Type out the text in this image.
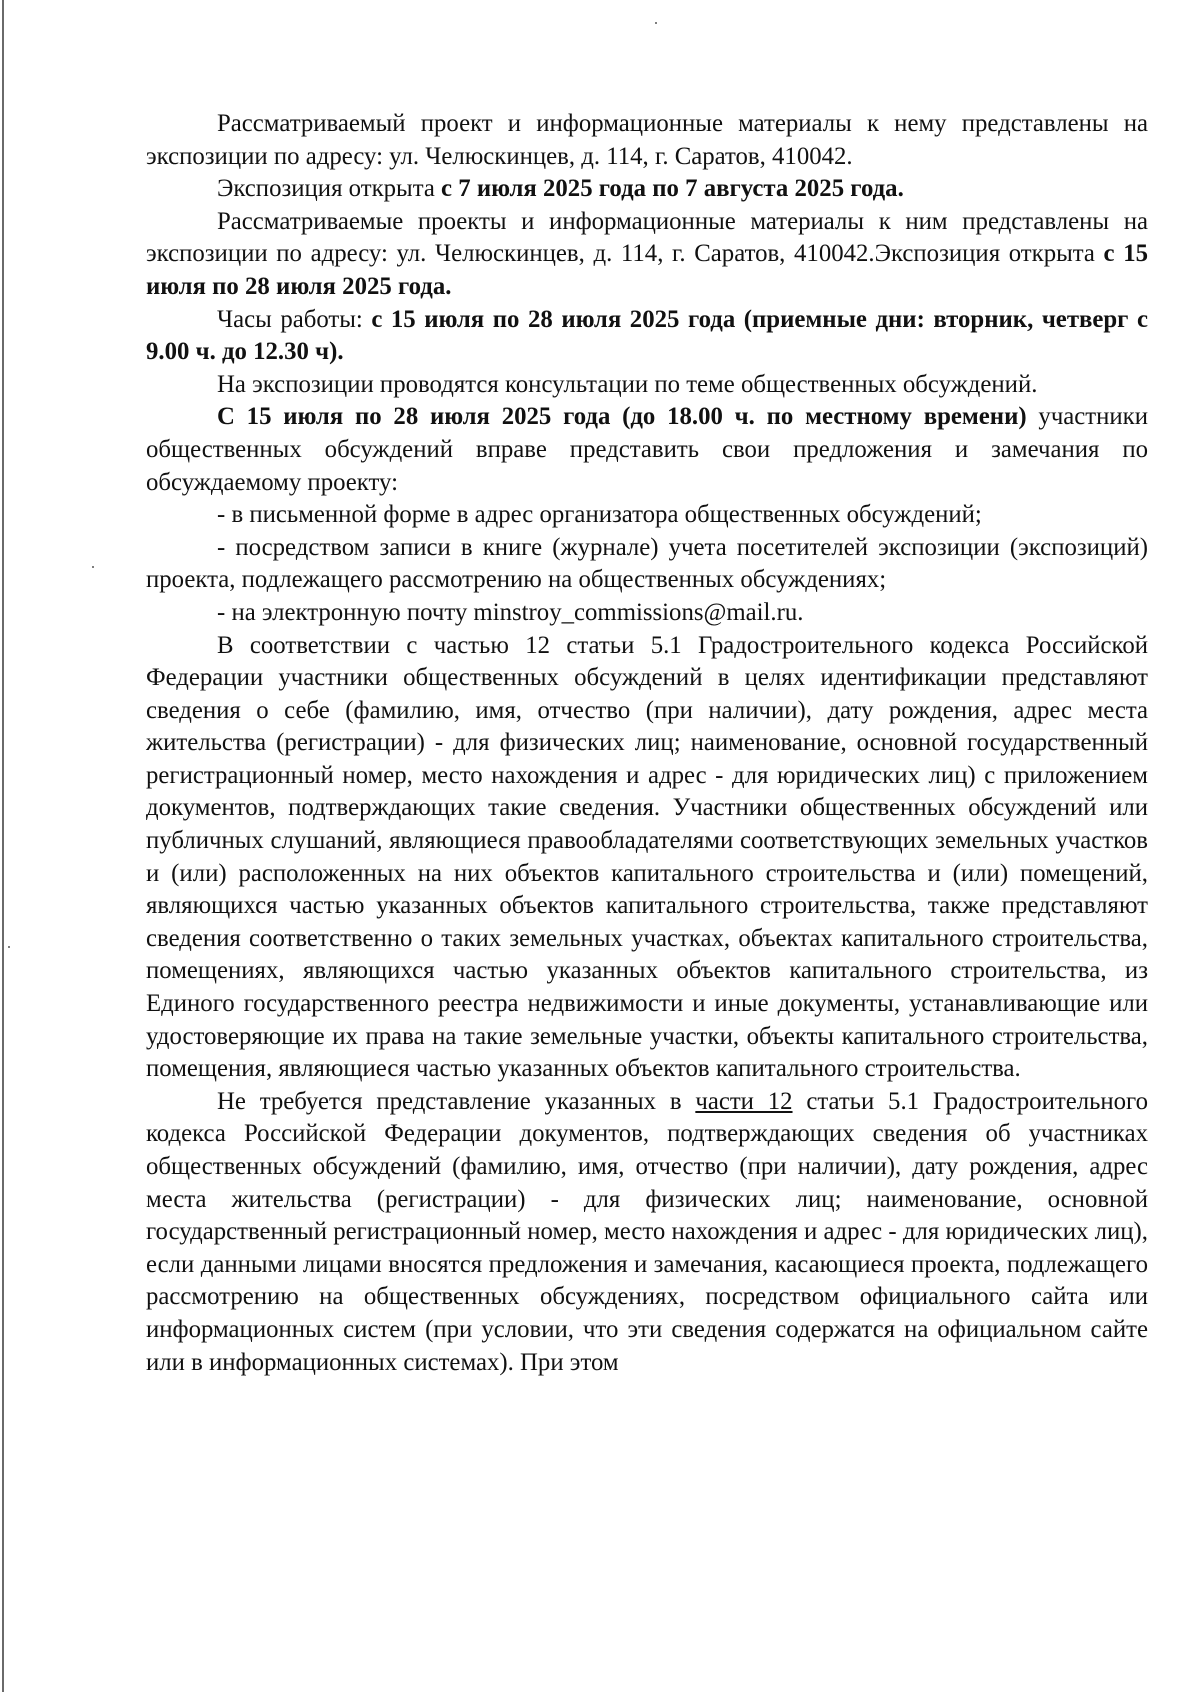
Рассматриваемый проект и информационные материалы к нему представлены на экспозиции по адресу: ул. Челюскинцев, д. 114, г. Саратов, 410042.

Экспозиция открыта с 7 июля 2025 года по 7 августа 2025 года.

Рассматриваемые проекты и информационные материалы к ним представлены на экспозиции по адресу: ул. Челюскинцев, д. 114, г. Саратов, 410042.Экспозиция открыта с 15 июля по 28 июля 2025 года.

Часы работы: с 15 июля по 28 июля 2025 года (приемные дни: вторник, четверг с 9.00 ч. до 12.30 ч).

На экспозиции проводятся консультации по теме общественных обсуждений.

С 15 июля по 28 июля 2025 года (до 18.00 ч. по местному времени) участники общественных обсуждений вправе представить свои предложения и замечания по обсуждаемому проекту:

- в письменной форме в адрес организатора общественных обсуждений;

- посредством записи в книге (журнале) учета посетителей экспозиции (экспозиций) проекта, подлежащего рассмотрению на общественных обсуждениях;

- на электронную почту minstroy_commissions@mail.ru.

В соответствии с частью 12 статьи 5.1 Градостроительного кодекса Российской Федерации участники общественных обсуждений в целях идентификации представляют сведения о себе (фамилию, имя, отчество (при наличии), дату рождения, адрес места жительства (регистрации) - для физических лиц; наименование, основной государственный регистрационный номер, место нахождения и адрес - для юридических лиц) с приложением документов, подтверждающих такие сведения. Участники общественных обсуждений или публичных слушаний, являющиеся правообладателями соответствующих земельных участков и (или) расположенных на них объектов капитального строительства и (или) помещений, являющихся частью указанных объектов капитального строительства, также представляют сведения соответственно о таких земельных участках, объектах капитального строительства, помещениях, являющихся частью указанных объектов капитального строительства, из Единого государственного реестра недвижимости и иные документы, устанавливающие или удостоверяющие их права на такие земельные участки, объекты капитального строительства, помещения, являющиеся частью указанных объектов капитального строительства.

Не требуется представление указанных в части 12 статьи 5.1 Градостроительного кодекса Российской Федерации документов, подтверждающих сведения об участниках общественных обсуждений (фамилию, имя, отчество (при наличии), дату рождения, адрес места жительства (регистрации) - для физических лиц; наименование, основной государственный регистрационный номер, место нахождения и адрес - для юридических лиц), если данными лицами вносятся предложения и замечания, касающиеся проекта, подлежащего рассмотрению на общественных обсуждениях, посредством официального сайта или информационных систем (при условии, что эти сведения содержатся на официальном сайте или в информационных системах). При этом
